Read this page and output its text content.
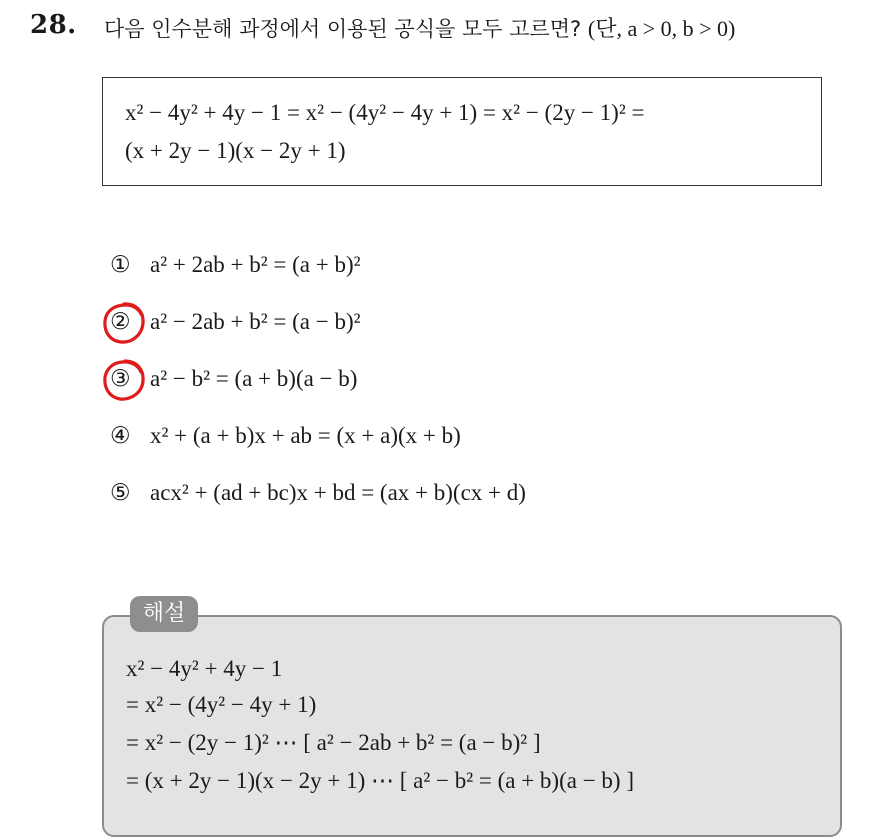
28. 다음 인수분해 과정에서 이용된 공식을 모두 고르면? (단, a > 0, b > 0)
x² − 4y² + 4y − 1 = x² − (4y² − 4y + 1) = x² − (2y − 1)² =
(x + 2y − 1)(x − 2y + 1)
① a² + 2ab + b² = (a + b)²
② a² − 2ab + b² = (a − b)²
③ a² − b² = (a + b)(a − b)
④ x² + (a + b)x + ab = (x + a)(x + b)
⑤ acx² + (ad + bc)x + bd = (ax + b)(cx + d)
해설
x² − 4y² + 4y − 1
= x² − (4y² − 4y + 1)
= x² − (2y − 1)² ⋯ [ a² − 2ab + b² = (a − b)² ]
= (x + 2y − 1)(x − 2y + 1) ⋯ [ a² − b² = (a + b)(a − b) ]
